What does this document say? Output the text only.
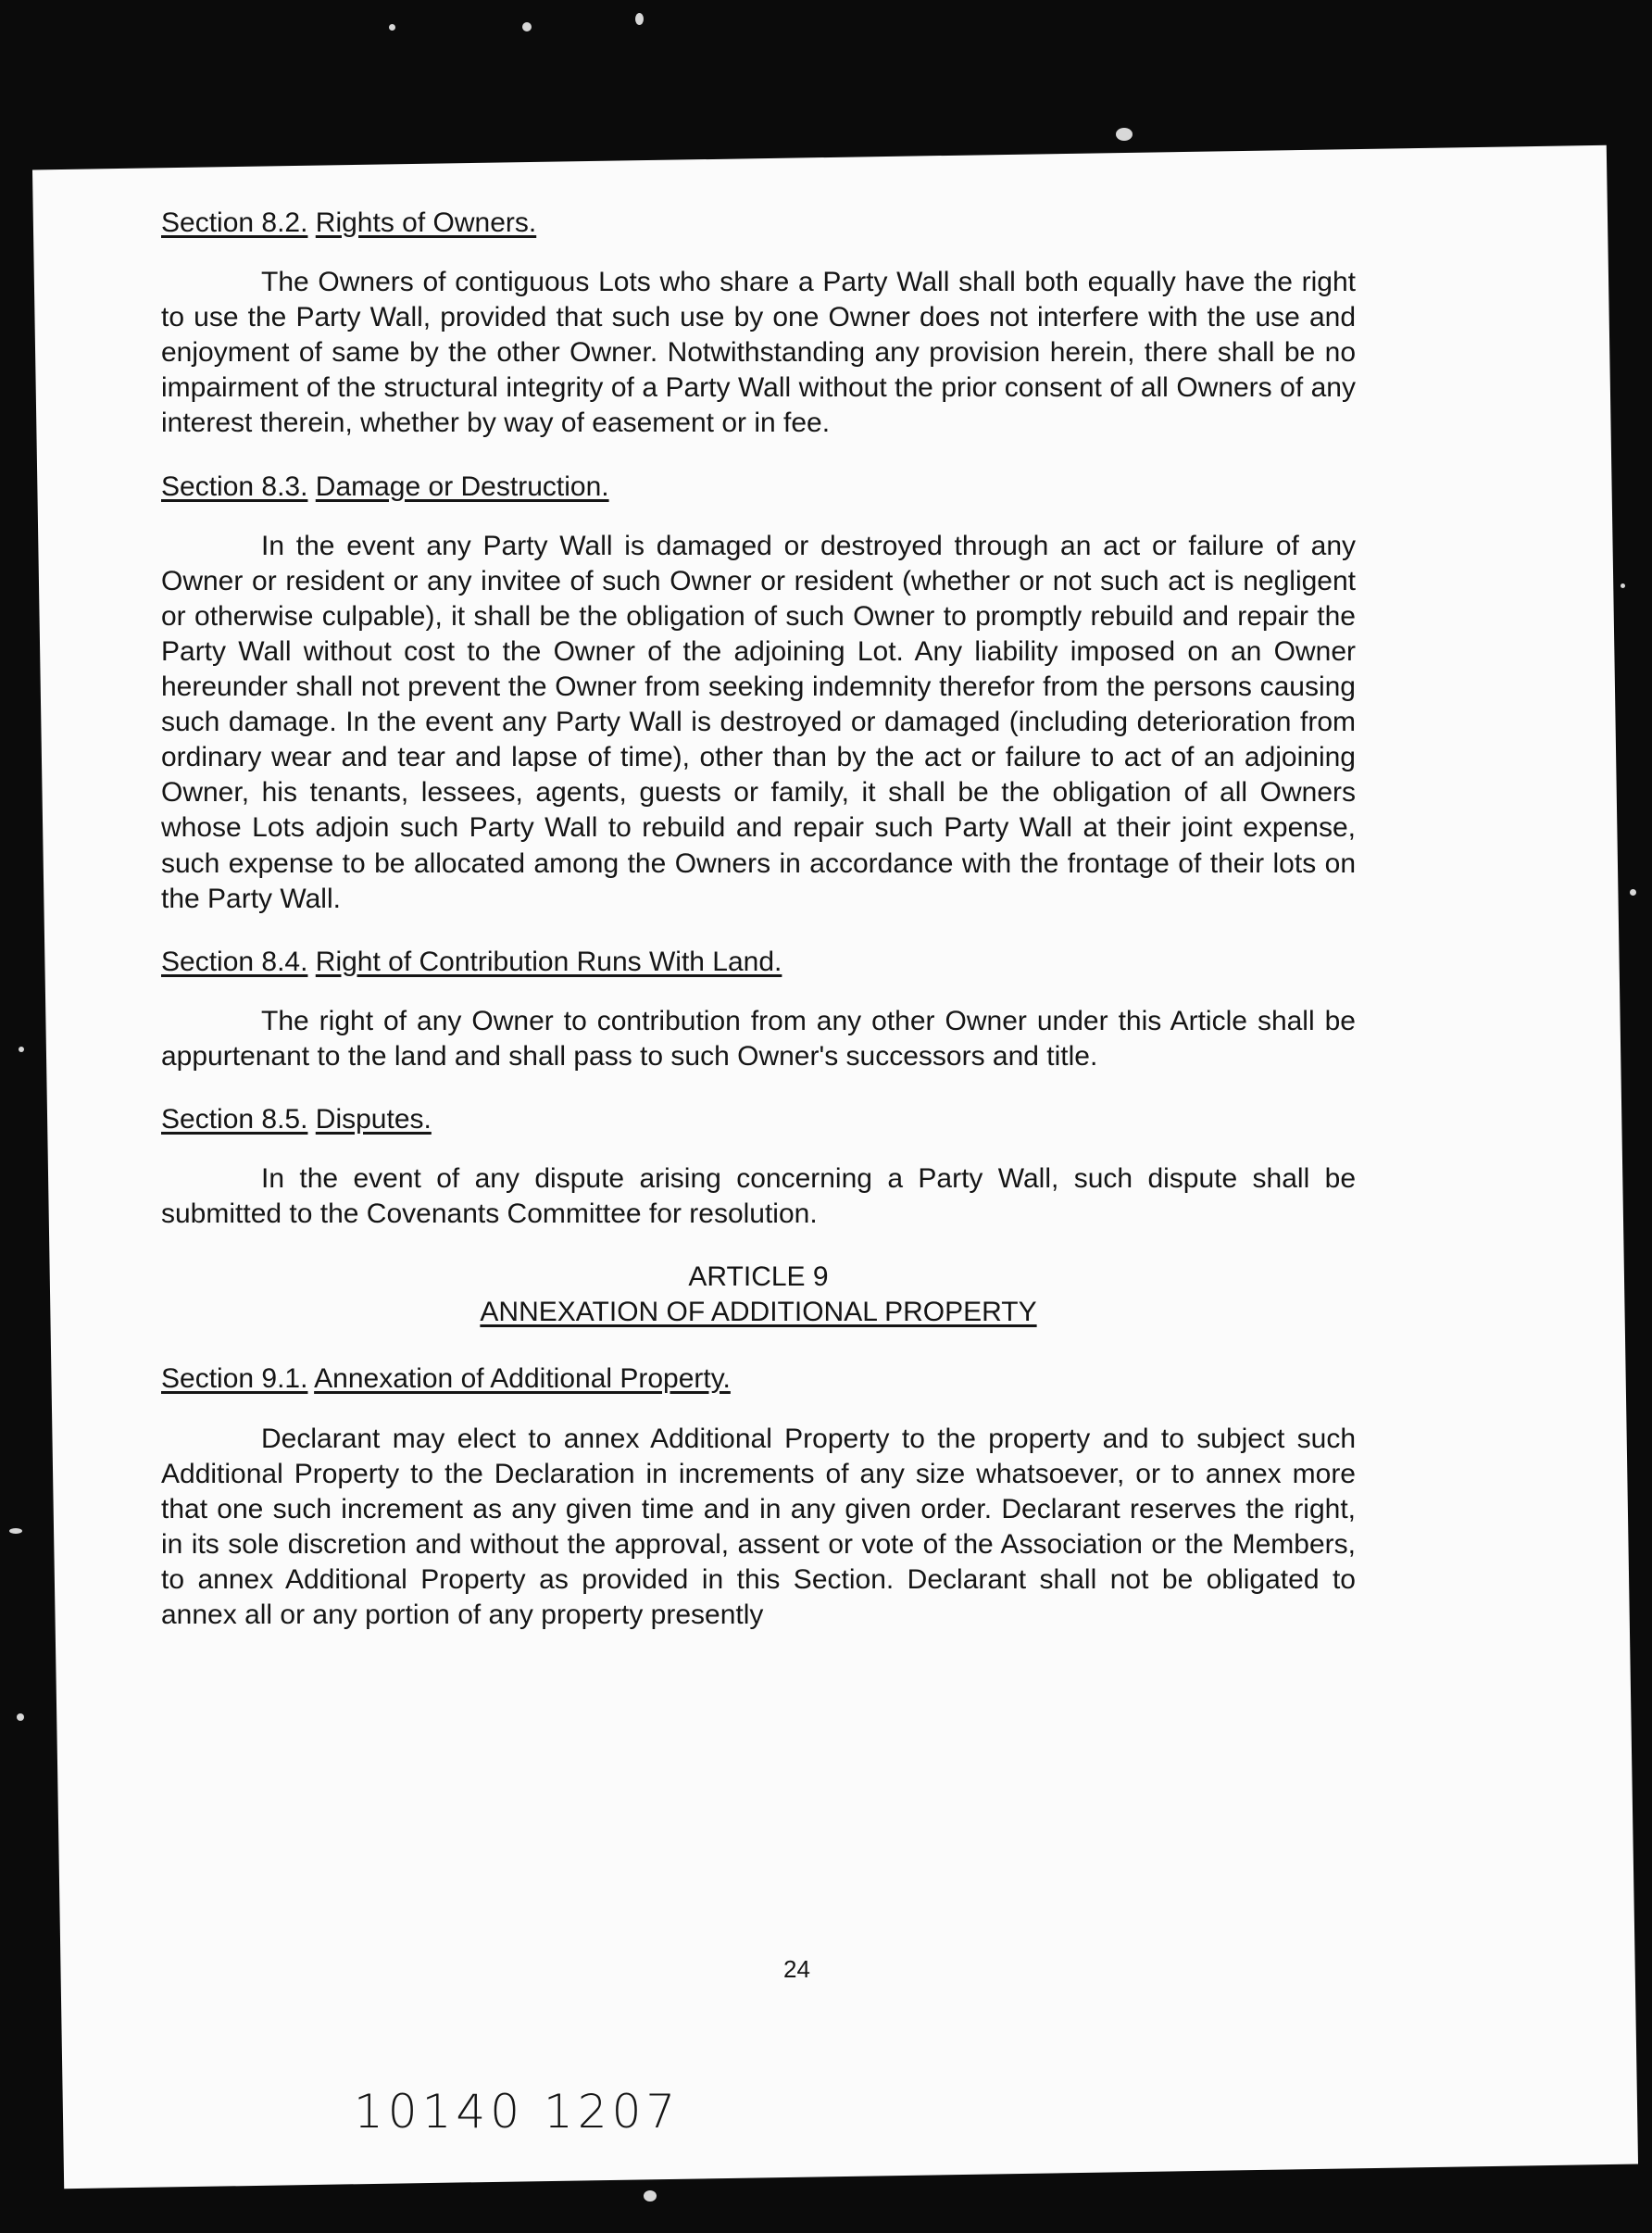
Section 8.2. Rights of Owners.

The Owners of contiguous Lots who share a Party Wall shall both equally have the right to use the Party Wall, provided that such use by one Owner does not interfere with the use and enjoyment of same by the other Owner. Notwithstanding any provision herein, there shall be no impairment of the structural integrity of a Party Wall without the prior consent of all Owners of any interest therein, whether by way of easement or in fee.

Section 8.3. Damage or Destruction.

In the event any Party Wall is damaged or destroyed through an act or failure of any Owner or resident or any invitee of such Owner or resident (whether or not such act is negligent or otherwise culpable), it shall be the obligation of such Owner to promptly rebuild and repair the Party Wall without cost to the Owner of the adjoining Lot. Any liability imposed on an Owner hereunder shall not prevent the Owner from seeking indemnity therefor from the persons causing such damage. In the event any Party Wall is destroyed or damaged (including deterioration from ordinary wear and tear and lapse of time), other than by the act or failure to act of an adjoining Owner, his tenants, lessees, agents, guests or family, it shall be the obligation of all Owners whose Lots adjoin such Party Wall to rebuild and repair such Party Wall at their joint expense, such expense to be allocated among the Owners in accordance with the frontage of their lots on the Party Wall.

Section 8.4. Right of Contribution Runs With Land.

The right of any Owner to contribution from any other Owner under this Article shall be appurtenant to the land and shall pass to such Owner's successors and title.

Section 8.5. Disputes.

In the event of any dispute arising concerning a Party Wall, such dispute shall be submitted to the Covenants Committee for resolution.

ARTICLE 9
ANNEXATION OF ADDITIONAL PROPERTY
Section 9.1. Annexation of Additional Property.

Declarant may elect to annex Additional Property to the property and to subject such Additional Property to the Declaration in increments of any size whatsoever, or to annex more that one such increment as any given time and in any given order. Declarant reserves the right, in its sole discretion and without the approval, assent or vote of the Association or the Members, to annex Additional Property as provided in this Section. Declarant shall not be obligated to annex all or any portion of any property presently

24
10140 1207
